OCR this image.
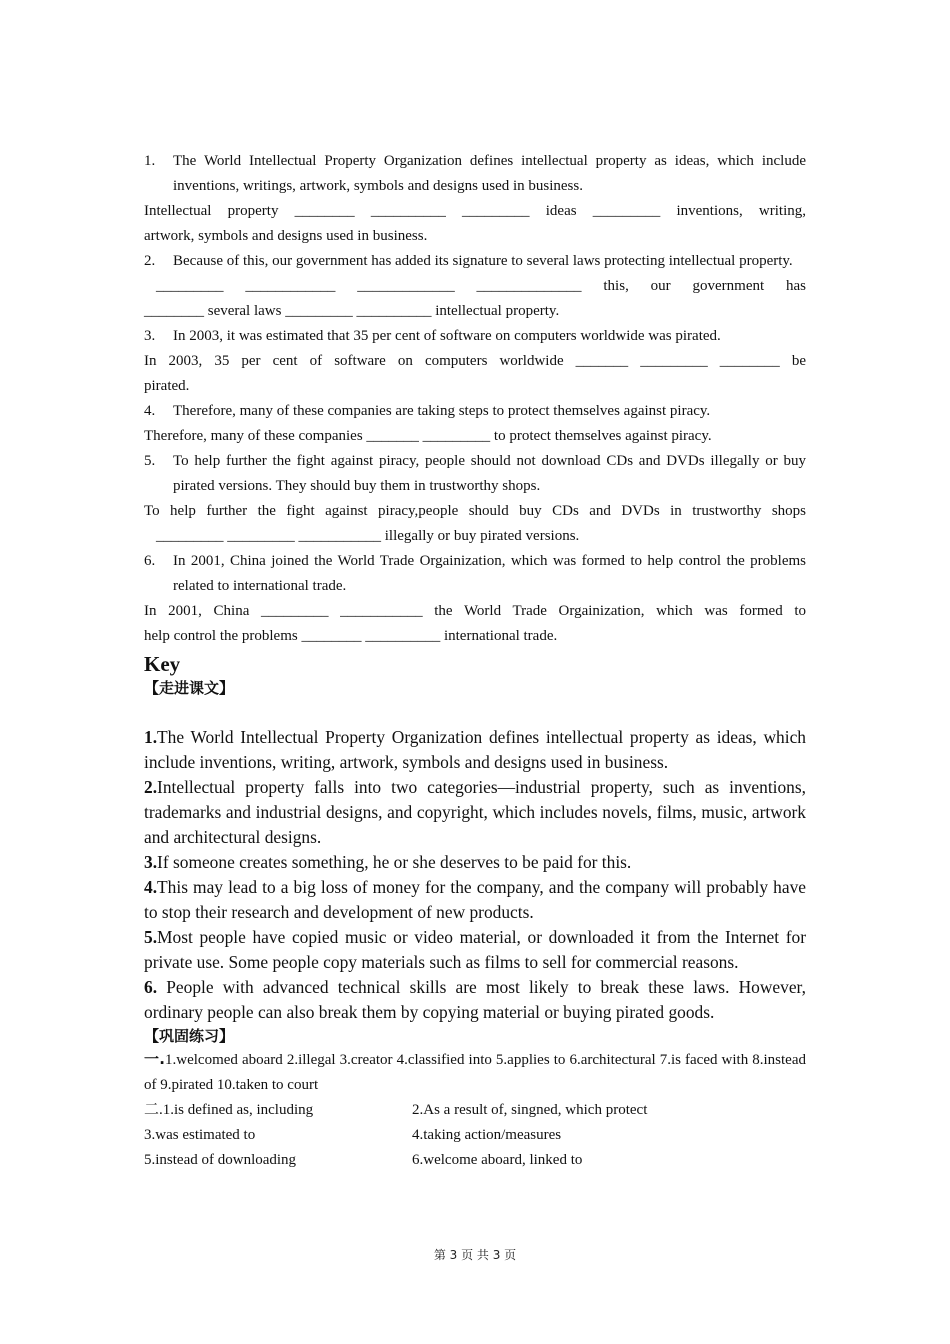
1.	The World Intellectual Property Organization defines intellectual property as ideas, which include inventions, writings, artwork, symbols and designs used in business.

Intellectual property ________ __________ _________ ideas _________ inventions, writing,

artwork, symbols and designs used in business.

2.	Because of this, our government has added its signature to several laws protecting intellectual property.

_________ ____________ _____________ ______________ this, our government has

________ several laws _________ __________ intellectual property.

3.	In 2003, it was estimated that 35 per cent of software on computers worldwide was pirated.

In 2003, 35 per cent of software on computers worldwide _______ _________ ________ be

pirated.

4.	Therefore, many of these companies are taking steps to protect themselves against piracy.

Therefore, many of these companies _______ _________ to protect themselves against piracy.

5.	To help further the fight against piracy, people should not download CDs and DVDs illegally or buy pirated versions. They should buy them in trustworthy shops.

To help further the fight against piracy,people should buy CDs and DVDs in trustworthy shops

_________ _________ ___________ illegally or buy pirated versions.

6.	In 2001, China joined the World Trade Orgainization, which was formed to help control the problems related to international trade.

In 2001, China _________ ___________ the World Trade Orgainization, which was formed to

help control the problems ________ __________ international trade.

Key
【走进课文】

1.The World Intellectual Property Organization defines intellectual property as ideas, which include inventions, writing, artwork, symbols and designs used in business.

2.Intellectual property falls into two categories—industrial property, such as inventions, trademarks and industrial designs, and copyright, which includes novels, films, music, artwork and architectural designs.

3.If someone creates something, he or she deserves to be paid for this.

4.This may lead to a big loss of money for the company, and the company will probably have to stop their research and development of new products.

5.Most people have copied music or video material, or downloaded it from the Internet for private use. Some people copy materials such as films to sell for commercial reasons.

6. People with advanced technical skills are most likely to break these laws. However, ordinary people can also break them by copying material or buying pirated goods.

【巩固练习】

一.1.welcomed aboard 2.illegal 3.creator 4.classified into 5.applies to 6.architectural 7.is faced with 8.instead of 9.pirated 10.taken to court

二.1.is defined as, including	2.As a result of, singned, which protect
3.was estimated to	4.taking action/measures
5.instead of downloading	6.welcome aboard, linked to
第 3 页 共 3 页
